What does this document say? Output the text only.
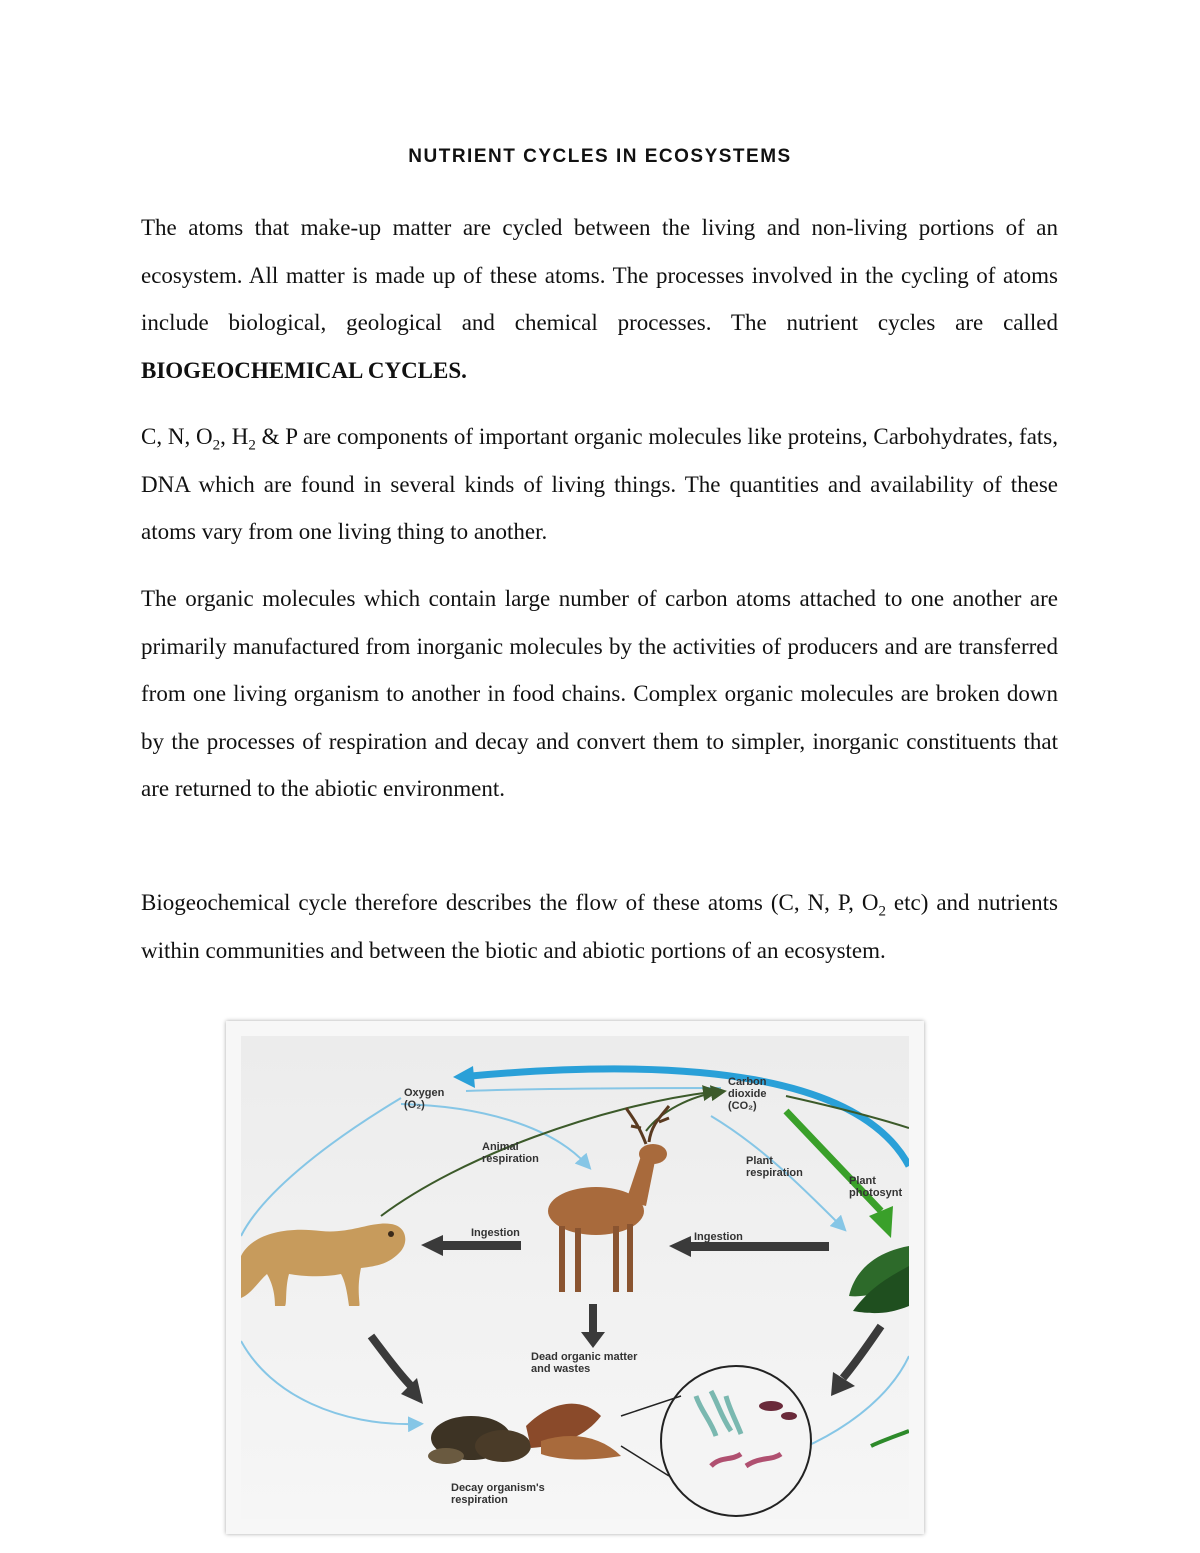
NUTRIENT CYCLES IN ECOSYSTEMS

The atoms that make-up matter are cycled between the living and non-living portions of an ecosystem. All matter is made up of these atoms. The processes involved in the cycling of atoms include biological, geological and chemical processes. The nutrient cycles are called BIOGEOCHEMICAL CYCLES.

C, N, $O_2$, $H_2$ & P are components of important organic molecules like proteins, Carbohydrates, fats, DNA which are found in several kinds of living things. The quantities and availability of these atoms vary from one living thing to another.

The organic molecules which contain large number of carbon atoms attached to one another are primarily manufactured from inorganic molecules by the activities of producers and are transferred from one living organism to another in food chains. Complex organic molecules are broken down by the processes of respiration and decay and convert them to simpler, inorganic constituents that are returned to the abiotic environment.

Biogeochemical cycle therefore describes the flow of these atoms (C, N, P, $O_2$ etc) and nutrients within communities and between the biotic and abiotic portions of an ecosystem.

Oxygen
(O₂)
Carbon
dioxide
(CO₂)
Animal
respiration	Plant
respiration
Plant
photosynt
Ingestion	Ingestion
Dead organic matter
and wastes
Decay organism's
respiration
